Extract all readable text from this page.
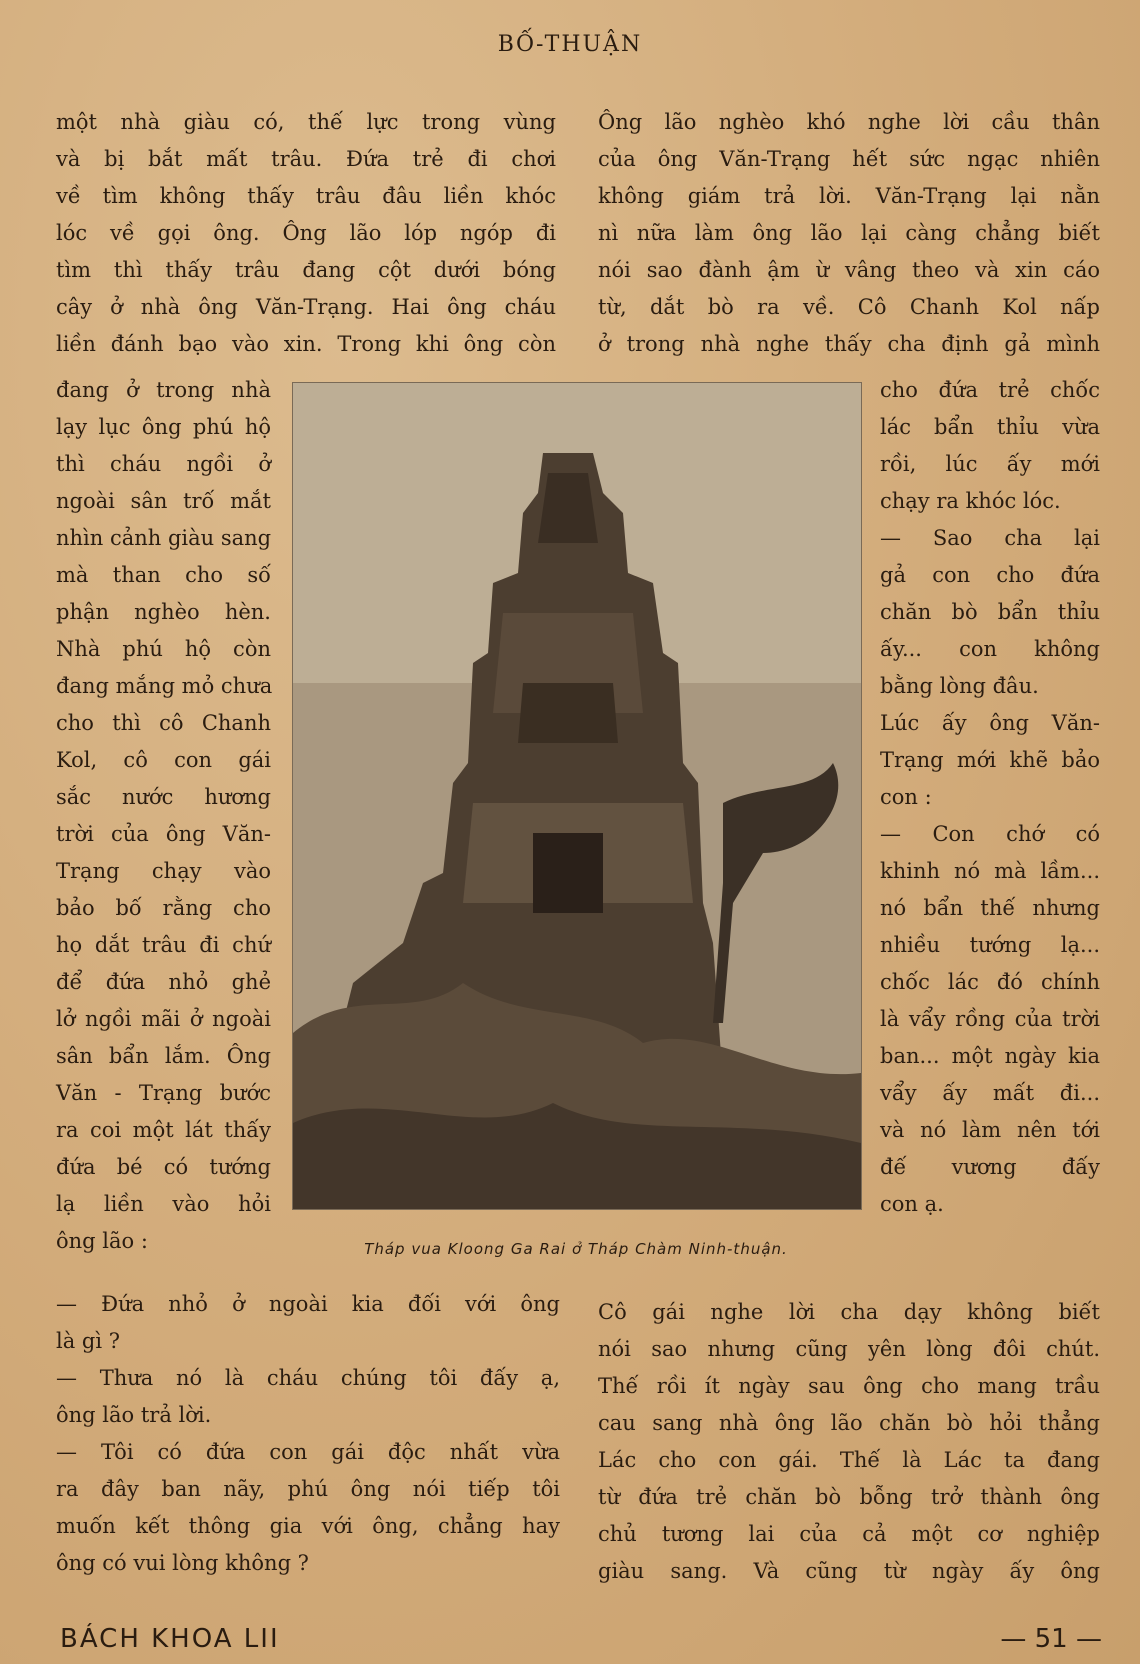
BỐ-THUẬN
một nhà giàu có, thế lực trong vùng
và bị bắt mất trâu. Đứa trẻ đi chơi
về tìm không thấy trâu đâu liền khóc
lóc về gọi ông. Ông lão lóp ngóp đi
tìm thì thấy trâu đang cột dưới bóng
cây ở nhà ông Văn-Trạng. Hai ông cháu
liền đánh bạo vào xin. Trong khi ông còn
đang ở trong nhà
lạy lục ông phú hộ
thì cháu ngồi ở
ngoài sân trố mắt
nhìn cảnh giàu sang
mà than cho số
phận nghèo hèn.
Nhà phú hộ còn
đang mắng mỏ chưa
cho thì cô Chanh
Kol, cô con gái
sắc nước hương
trời của ông Văn-
Trạng chạy vào
bảo bố rằng cho
họ dắt trâu đi chứ
để đứa nhỏ ghẻ
lở ngồi mãi ở ngoài
sân bẩn lắm. Ông
Văn - Trạng bước
ra coi một lát thấy
đứa bé có tướng
lạ liền vào hỏi
ông lão :
Ông lão nghèo khó nghe lời cầu thân
của ông Văn-Trạng hết sức ngạc nhiên
không giám trả lời. Văn-Trạng lại nằn
nì nữa làm ông lão lại càng chẳng biết
nói sao đành ậm ừ vâng theo và xin cáo
từ, dắt bò ra về. Cô Chanh Kol nấp
ở trong nhà nghe thấy cha định gả mình
cho đứa trẻ chốc
lác bẩn thỉu vừa
rồi, lúc ấy mới
chạy ra khóc lóc.
— Sao cha lại
gả con cho đứa
chăn bò bẩn thỉu
ấy... con không
bằng lòng đâu.
Lúc ấy ông Văn-
Trạng mới khẽ bảo
con :
— Con chớ có
khinh nó mà lầm...
nó bẩn thế nhưng
nhiều tướng lạ...
chốc lác đó chính
là vẩy rồng của trời
ban... một ngày kia
vẩy ấy mất đi...
và nó làm nên tới
đế vương đấy
con ạ.
Tháp vua Kloong Ga Rai ở Tháp Chàm Ninh-thuận.
— Đứa nhỏ ở ngoài kia đối với ông
là gì ?
— Thưa nó là cháu chúng tôi đấy ạ,
ông lão trả lời.
— Tôi có đứa con gái độc nhất vừa
ra đây ban nãy, phú ông nói tiếp tôi
muốn kết thông gia với ông, chẳng hay
ông có vui lòng không ?
Cô gái nghe lời cha dạy không biết
nói sao nhưng cũng yên lòng đôi chút.
Thế rồi ít ngày sau ông cho mang trầu
cau sang nhà ông lão chăn bò hỏi thẳng
Lác cho con gái. Thế là Lác ta đang
từ đứa trẻ chăn bò bỗng trở thành ông
chủ tương lai của cả một cơ nghiệp
giàu sang. Và cũng từ ngày ấy ông
BÁCH KHOA LII	— 51 —
